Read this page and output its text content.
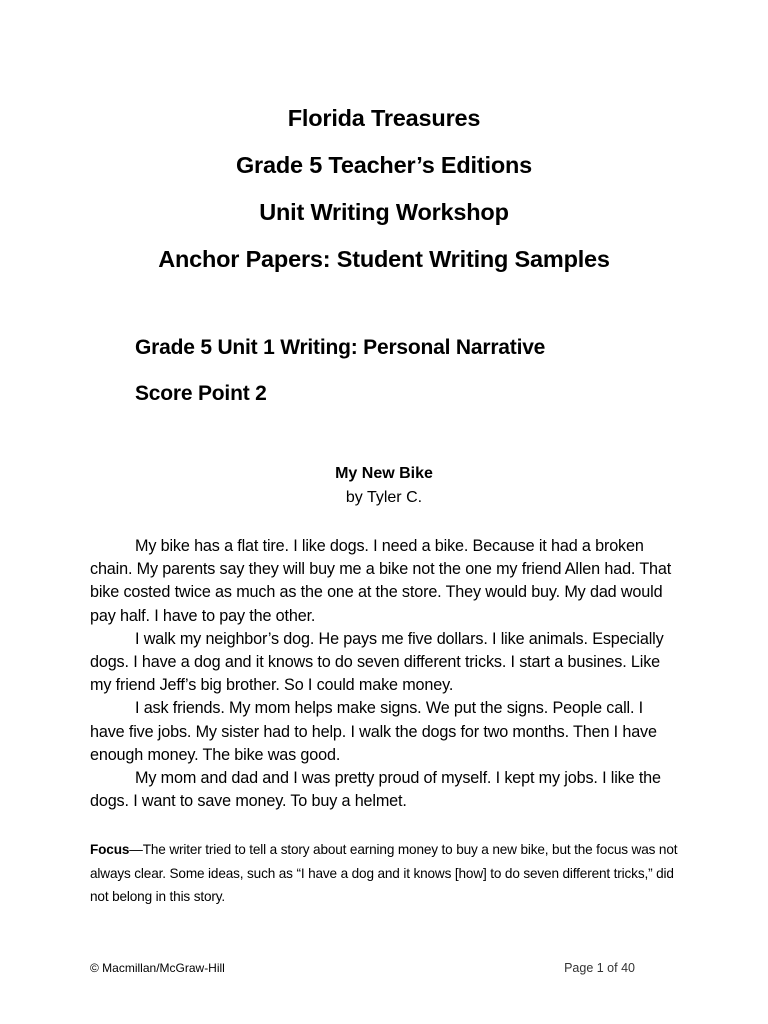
Florida Treasures
Grade 5 Teacher’s Editions
Unit Writing Workshop
Anchor Papers: Student Writing Samples
Grade 5 Unit 1 Writing: Personal Narrative
Score Point 2
My New Bike
by Tyler C.

My bike has a flat tire. I like dogs. I need a bike. Because it had a broken chain. My parents say they will buy me a bike not the one my friend Allen had. That bike costed twice as much as the one at the store. They would buy. My dad would pay half. I have to pay the other.

I walk my neighbor’s dog. He pays me five dollars. I like animals. Especially dogs. I have a dog and it knows to do seven different tricks. I start a busines. Like my friend Jeff’s big brother. So I could make money.

I ask friends. My mom helps make signs. We put the signs. People call. I have five jobs. My sister had to help. I walk the dogs for two months. Then I have enough money. The bike was good.

My mom and dad and I was pretty proud of myself. I kept my jobs. I like the dogs. I want to save money. To buy a helmet.

Focus—The writer tried to tell a story about earning money to buy a new bike, but the focus was not always clear. Some ideas, such as “I have a dog and it knows [how] to do seven different tricks,” did not belong in this story.
© Macmillan/McGraw-Hill	Page 1 of 40
